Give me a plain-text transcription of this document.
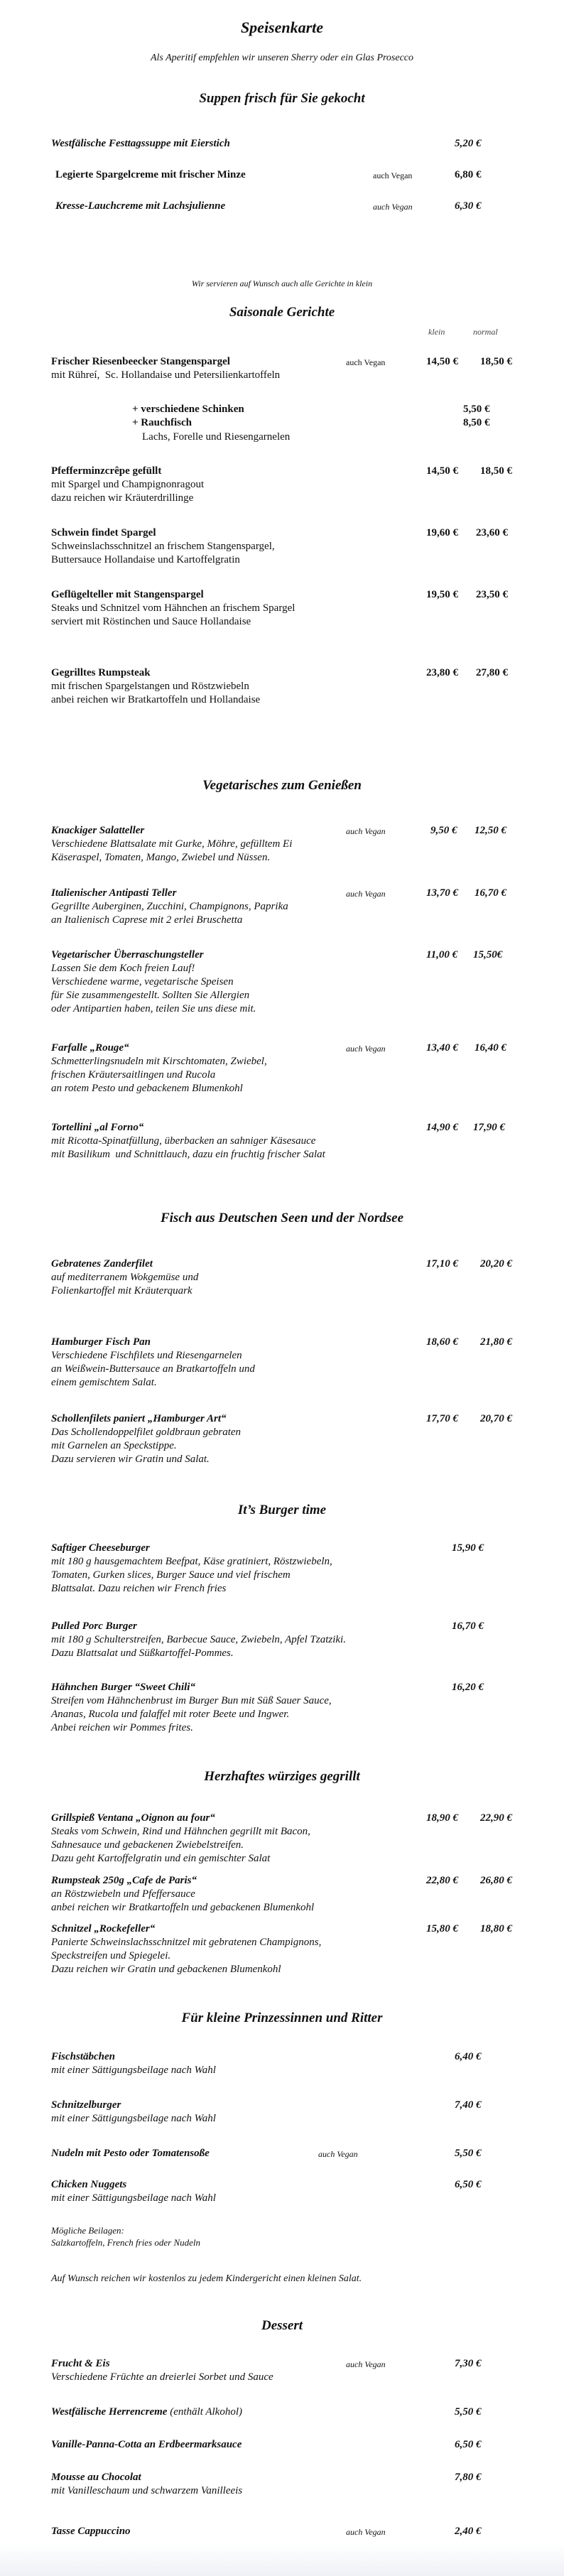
Speisenkarte
Als Aperitif empfehlen wir unseren Sherry oder ein Glas Prosecco
Suppen frisch für Sie gekocht
Westfälische Festtagssuppe mit Eierstich	5,20 €
Legierte Spargelcreme mit frischer Minze	auch Vegan	6,80 €
Kresse-Lauchcreme mit Lachsjulienne	auch Vegan	6,30 €
Wir servieren auf Wunsch auch alle Gerichte in klein
Saisonale Gerichte
klein	normal
Frischer Riesenbeecker Stangenspargel	auch Vegan	14,50 € 18,50 €
mit Rühreí,  Sc. Hollandaise und Petersilienkartoffeln
+ verschiedene Schinken	5,50 €
+ Rauchfisch	8,50 €
Lachs, Forelle und Riesengarnelen
Pfefferminzcrêpe gefüllt	14,50 € 18,50 €
mit Spargel und Champignonragout
dazu reichen wir Kräuterdrillinge
Schwein findet Spargel	19,60 € 23,60 €
Schweinslachsschnitzel an frischem Stangenspargel,
Buttersauce Hollandaise und Kartoffelgratin
Geflügelteller mit Stangenspargel	19,50 € 23,50 €
Steaks und Schnitzel vom Hähnchen an frischem Spargel
serviert mit Röstinchen und Sauce Hollandaise
Gegrilltes Rumpsteak	23,80 € 27,80 €
mit frischen Spargelstangen und Röstzwiebeln
anbei reichen wir Bratkartoffeln und Hollandaise
Vegetarisches zum Genießen
Knackiger Salatteller	auch Vegan	9,50 € 12,50 €
Verschiedene Blattsalate mit Gurke, Möhre, gefülltem Ei
Käseraspel, Tomaten, Mango, Zwiebel und Nüssen.
Italienischer Antipasti Teller	auch Vegan	13,70 € 16,70 €
Gegrillte Auberginen, Zucchini, Champignons, Paprika
an Italienisch Caprese mit 2 erlei Bruschetta
Vegetarischer Überraschungsteller	11,00 € 15,50€
Lassen Sie dem Koch freien Lauf!
Verschiedene warme, vegetarische Speisen
für Sie zusammengestellt. Sollten Sie Allergien
oder Antipartien haben, teilen Sie uns diese mit.
Farfalle „Rouge“	auch Vegan	13,40 € 16,40 €
Schmetterlingsnudeln mit Kirschtomaten, Zwiebel,
frischen Kräutersaitlingen und Rucola
an rotem Pesto und gebackenem Blumenkohl
Tortellini „al Forno“	14,90 € 17,90 €
mit Ricotta-Spinatfüllung, überbacken an sahniger Käsesauce
mit Basilikum  und Schnittlauch, dazu ein fruchtig frischer Salat
Fisch aus Deutschen Seen und der Nordsee
Gebratenes Zanderfilet	17,10 € 20,20 €
auf mediterranem Wokgemüse und
Folienkartoffel mit Kräuterquark
Hamburger Fisch Pan	18,60 € 21,80 €
Verschiedene Fischfilets und Riesengarnelen
an Weißwein-Buttersauce an Bratkartoffeln und
einem gemischtem Salat.
Schollenfilets paniert „Hamburger Art“	17,70 € 20,70 €
Das Schollendoppelfilet goldbraun gebraten
mit Garnelen an Speckstippe.
Dazu servieren wir Gratin und Salat.
It’s Burger time
Saftiger Cheeseburger	15,90 €
mit 180 g hausgemachtem Beefpat, Käse gratiniert, Röstzwiebeln,
Tomaten, Gurken slices, Burger Sauce und viel frischem
Blattsalat. Dazu reichen wir French fries
Pulled Porc Burger	16,70 €
mit 180 g Schulterstreifen, Barbecue Sauce, Zwiebeln, Apfel Tzatziki.
Dazu Blattsalat und Süßkartoffel-Pommes.
Hähnchen Burger “Sweet Chili“	16,20 €
Streifen vom Hähnchenbrust im Burger Bun mit Süß Sauer Sauce,
Ananas, Rucola und falaffel mit roter Beete und Ingwer.
Anbei reichen wir Pommes frites.
Herzhaftes würziges gegrillt
Grillspieß Ventana „Oignon au four“	18,90 € 22,90 €
Steaks vom Schwein, Rind und Hähnchen gegrillt mit Bacon,
Sahnesauce und gebackenen Zwiebelstreifen.
Dazu geht Kartoffelgratin und ein gemischter Salat
Rumpsteak 250g „Cafe de Paris“	22,80 € 26,80 €
an Röstzwiebeln und Pfeffersauce
anbei reichen wir Bratkartoffeln und gebackenen Blumenkohl
Schnitzel „Rockefeller“	15,80 € 18,80 €
Panierte Schweinslachsschnitzel mit gebratenen Champignons,
Speckstreifen und Spiegelei.
Dazu reichen wir Gratin und gebackenen Blumenkohl
Für kleine Prinzessinnen und Ritter
Fischstäbchen	6,40 €
mit einer Sättigungsbeilage nach Wahl
Schnitzelburger	7,40 €
mit einer Sättigungsbeilage nach Wahl
Nudeln mit Pesto oder Tomatensoße	auch Vegan	5,50 €
Chicken Nuggets	6,50 €
mit einer Sättigungsbeilage nach Wahl
Mögliche Beilagen:
Salzkartoffeln, French fries oder Nudeln
Auf Wunsch reichen wir kostenlos zu jedem Kindergericht einen kleinen Salat.
Dessert
Frucht & Eis	auch Vegan	7,30 €
Verschiedene Früchte an dreierlei Sorbet und Sauce
Westfälische Herrencreme (enthält Alkohol)	5,50 €
Vanille-Panna-Cotta an Erdbeermarksauce	6,50 €
Mousse au Chocolat	7,80 €
mit Vanilleschaum und schwarzem Vanilleeis
Tasse Cappuccino	auch Vegan	2,40 €
